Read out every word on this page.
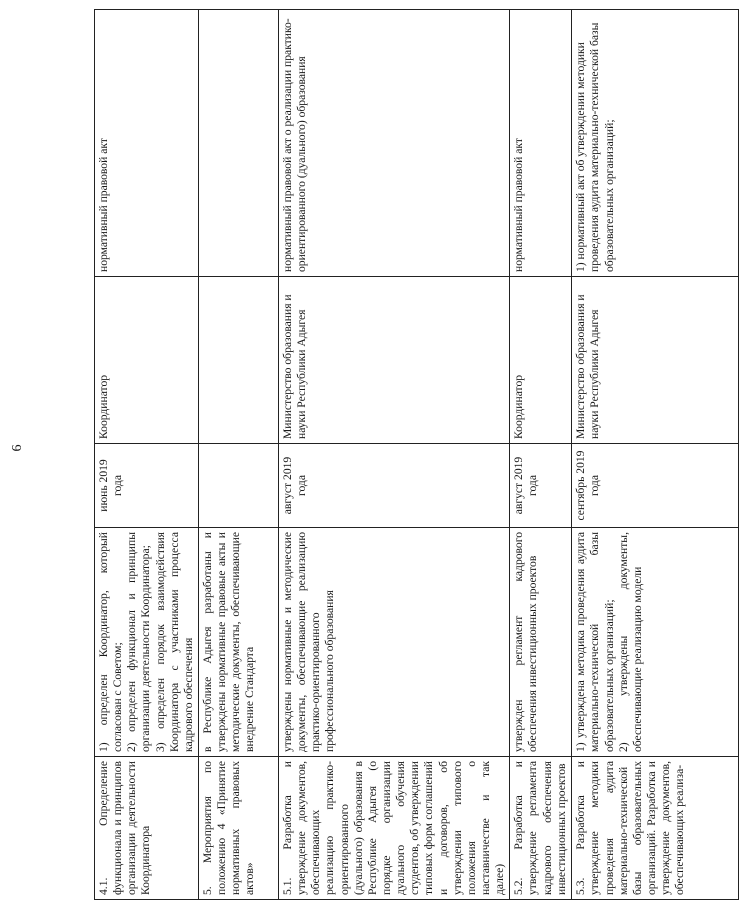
6
4.1. Определение функционала и принципов организации деятельности Координатора	1) определен Координатор, который согласован с Советом; 2) определен функционал и принципы организации деятельности Координатора; 3) определен порядок взаимодействия Координатора с участниками процесса кадрового обеспечения	июнь 2019 года	Координатор	нормативный правовой акт
5. Мероприятия по положению 4 «Принятие нормативных правовых актов»	в Республике Адыгея разработаны и утверждены нормативные правовые акты и методические документы, обеспечивающие внедрение Стандарта			

5.1. Разработка и утверждение документов, обеспечивающих реализацию практико-ориентированного (дуального) образования в Республике Адыгея (о порядке организации дуального обучения студентов, об утверждении типовых форм соглашений и договоров, об утверждении типового положения о наставничестве и так далее)	утверждены нормативные и методические документы, обеспечивающие реализацию практико-ориентированного профессионального образования	август 2019 года	Министерство образования и науки Республики Адыгея	нормативный правовой акт о реализации практико-ориентированного (дуального) образования
5.2. Разработка и утверждение регламента кадрового обеспечения инвестиционных проектов	утвержден регламент кадрового обеспечения инвестиционных проектов	август 2019 года	Координатор	нормативный правовой акт
5.3. Разработка и утверждение методики проведения аудита материально-технической базы образовательных организаций. Разработка и утверждение документов, обеспечивающих реализа-	1) утверждена методика проведения аудита материально-технической базы образовательных организаций; 2) утверждены документы, обеспечивающие реализацию модели	сентябрь 2019 года	Министерство образования и науки Республики Адыгея	1) нормативный акт об утверждении методики проведения аудита материально-технической базы образовательных организаций;
